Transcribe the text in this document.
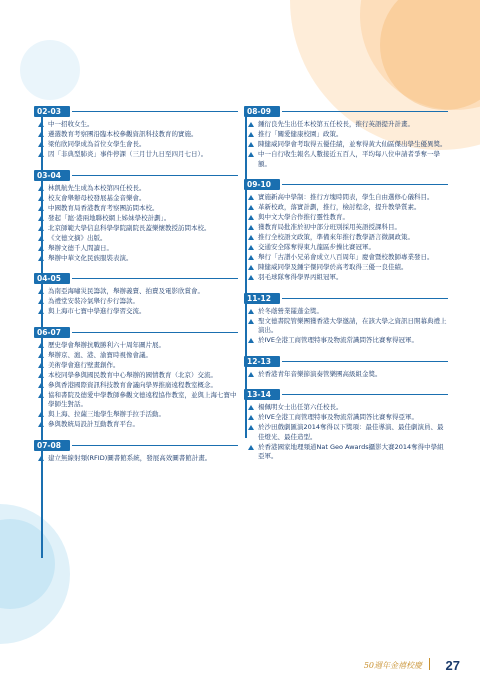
02-03
中一招收女生。
遴選教育考察團沿臨本校參觀資訊科技教育的實施。
梁佑欣同學成為首位女學生會長。
因「非典型肺炎」事件停課（三月廿九日至四月七日）。
03-04
林凱航先生成為本校第四任校長。
校友會舉辦母校發展基金音樂會。
中國教育局香港教育考察團訪問本校。
發起「滬‧港兩地聯校網上姊妹學校計劃」。
北京師範大學信息科學學院副院長蓋樂懷教授訪問本校。
《文德文摘》出版。
舉辦文德千人間讀日。
舉辦中華文化民族服裝表演。
04-05
為南亞海嘯災民籌款，舉辦義賣、拍賣及電影欣賞會。
為禮堂安裝冷氣舉行步行籌款。
與上海市七寶中學進行學習交流。
06-07
歷史學會舉辦抗戰勝利六十周年圖片展。
舉辦京、滬、港、渝寶時視像會議。
美術學會進行壁畫創作。
本校同學參與國民教育中心舉辦的國情教育（北京）交流。
參與香港國際資訊科技教育會議向學界推廣遠程教室概念。
協和書院及德愛中學教師參觀文德遠程協作教室，並與上海七寶中學師生對話。
與上海、拉薩三地學生舉辦手拉手活動。
參與教統局設計互動教育平台。
07-08
建立無線射頻(RFID)圖書館系統，發展高效圖書館計畫。
08-09
鍾衍良先生出任本校第五任校長，推行英語提升計畫。
推行「關愛健康校園」政策。
陳健威同學會考取得五優佳績，並奪得黃大仙區傑出學生優異獎。
中一自行收生報名人數接近五百人，平均每八位申請者爭奪一學額。
09-10
實施新高中學制：推行方塊時間表，學生自由選修心儀科目。
革新校政，落實計劃，推行，檢討程念，提升教學質素。
與中文大學合作推行靈性教育。
獲教育局批准於初中部分班別採用英語授課科目。
推行全校語文政策，準備來年推行教學語言微調政策。
交通安全隊奪得東九龍區步操比賽冠軍。
舉行「古譜小兄弟會成立八百周年」慶會暨校教師專業發日。
陳健威同學及鍾宇傑同學於高考取得三優一良佳績。
羽毛球隊奪得學界丙組冠軍。
11-12
於冬蔭營業罷蓬金獎。
聖文德書院管樂團獲香港大學邀請，在該大學之資訊日開幕典禮上演出。
於IVE全港工商管理特事及物流常識問答比賽奪得冠軍。
12-13
於香港青年音樂節演奏管樂團高級組金獎。
13-14
楊佩明女士出任第六任校長。
於IVE全港工商管理特事及物流常識問答比賽奪得亞軍。
於沙田戲劇匯演2014奪得以下獎項：最佳導演、最佳劇演員、最佳燈光、最佳造型。
於香港國家地理頻道Nat Geo Awards攝影大賽2014奪得中學組亞軍。
50週年金禧校慶 27
